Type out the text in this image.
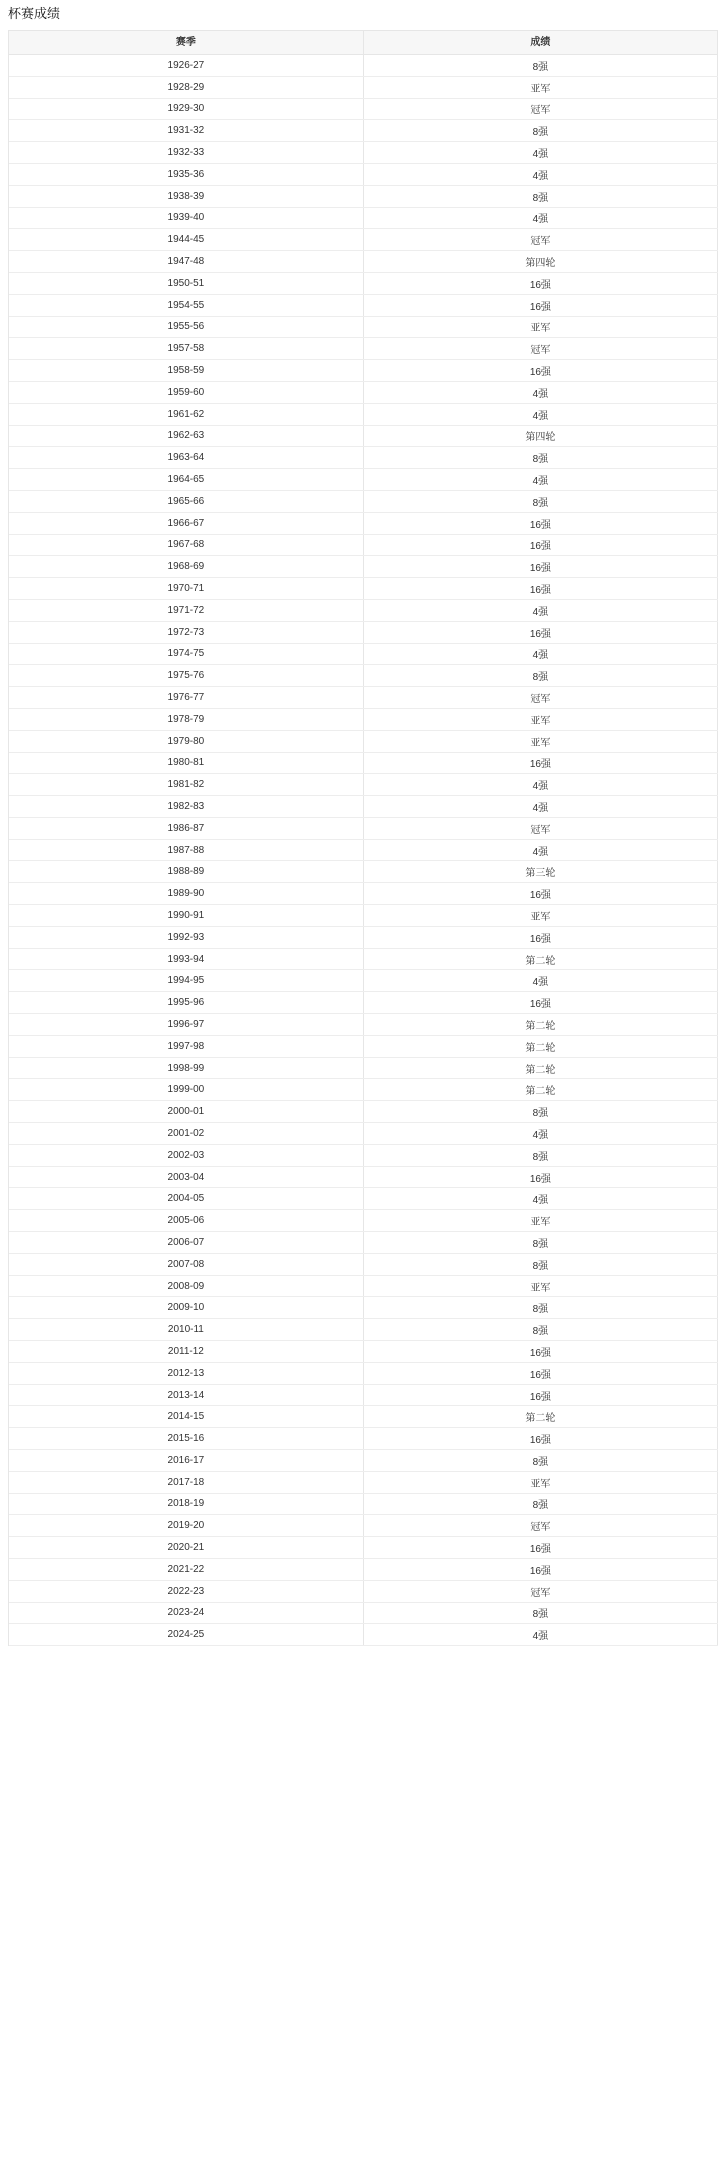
杯赛成绩
赛季	成绩
1926-27	8强
1928-29	亚军
1929-30	冠军
1931-32	8强
1932-33	4强
1935-36	4强
1938-39	8强
1939-40	4强
1944-45	冠军
1947-48	第四轮
1950-51	16强
1954-55	16强
1955-56	亚军
1957-58	冠军
1958-59	16强
1959-60	4强
1961-62	4强
1962-63	第四轮
1963-64	8强
1964-65	4强
1965-66	8强
1966-67	16强
1967-68	16强
1968-69	16强
1970-71	16强
1971-72	4强
1972-73	16强
1974-75	4强
1975-76	8强
1976-77	冠军
1978-79	亚军
1979-80	亚军
1980-81	16强
1981-82	4强
1982-83	4强
1986-87	冠军
1987-88	4强
1988-89	第三轮
1989-90	16强
1990-91	亚军
1992-93	16强
1993-94	第二轮
1994-95	4强
1995-96	16强
1996-97	第二轮
1997-98	第二轮
1998-99	第二轮
1999-00	第二轮
2000-01	8强
2001-02	4强
2002-03	8强
2003-04	16强
2004-05	4强
2005-06	亚军
2006-07	8强
2007-08	8强
2008-09	亚军
2009-10	8强
2010-11	8强
2011-12	16强
2012-13	16强
2013-14	16强
2014-15	第二轮
2015-16	16强
2016-17	8强
2017-18	亚军
2018-19	8强
2019-20	冠军
2020-21	16强
2021-22	16强
2022-23	冠军
2023-24	8强
2024-25	4强
